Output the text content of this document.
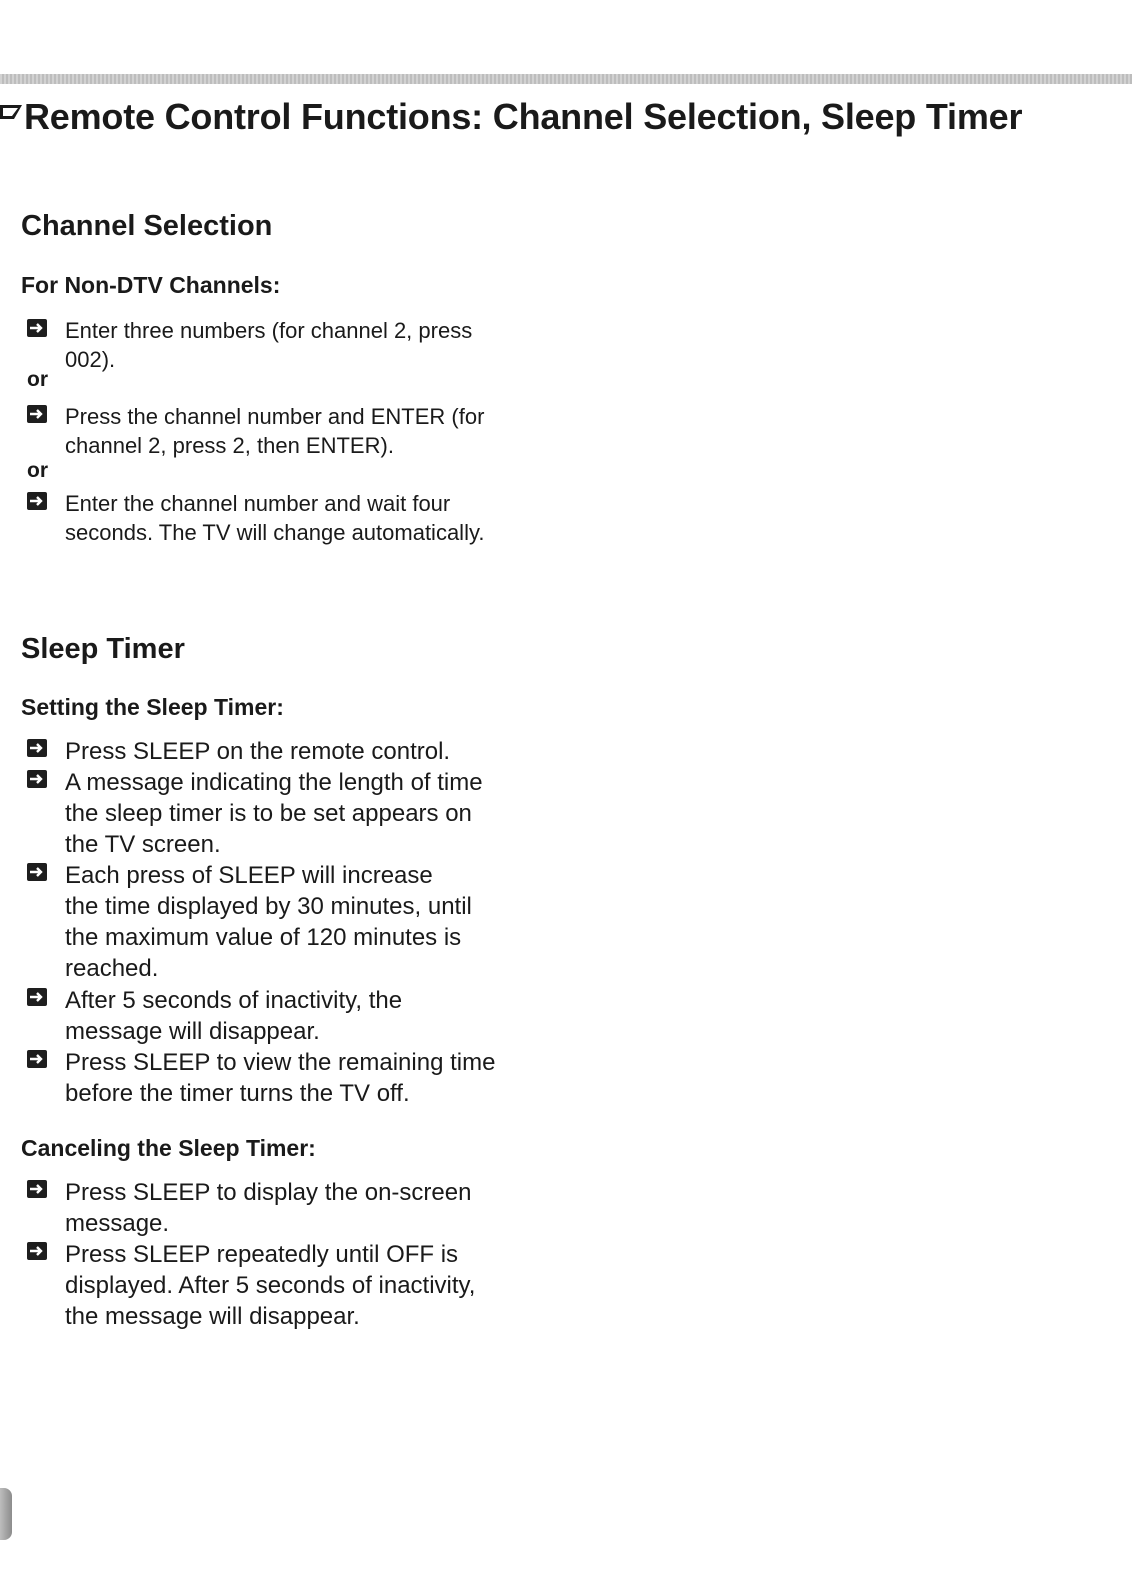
Remote Control Functions: Channel Selection, Sleep Timer
Channel Selection
For Non-DTV Channels:
Enter three numbers (for channel 2, press
002).
or
Press the channel number and ENTER (for
channel 2, press 2, then ENTER).
or
Enter the channel number and wait four
seconds. The TV will change automatically.
Sleep Timer
Setting the Sleep Timer:
Press SLEEP on the remote control.
A message indicating the length of time
the sleep timer is to be set appears on
the TV screen.
Each press of SLEEP will increase
the time displayed by 30 minutes, until
the maximum value of 120 minutes is
reached.
After 5 seconds of inactivity, the
message will disappear.
Press SLEEP to view the remaining time
before the timer turns the TV off.
Canceling the Sleep Timer:
Press SLEEP to display the on-screen
message.
Press SLEEP repeatedly until OFF is
displayed. After 5 seconds of inactivity,
the message will disappear.
